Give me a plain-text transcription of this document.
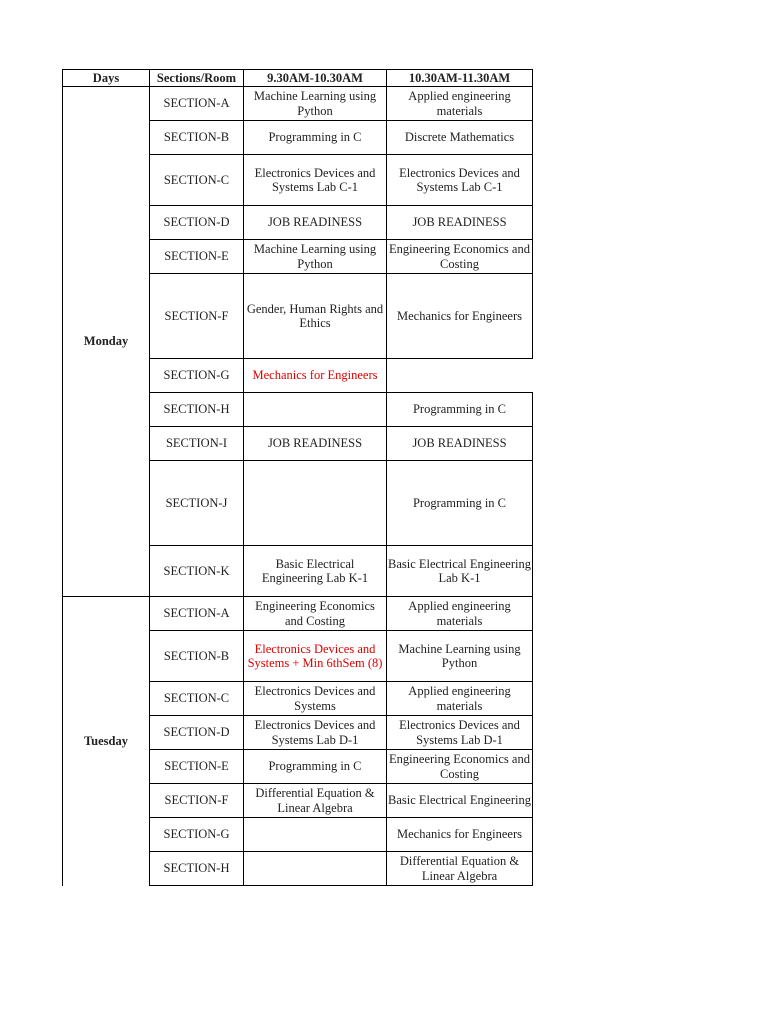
Days	Sections/Room	9.30AM-10.30AM	10.30AM-11.30AM
Monday	SECTION-A	Machine Learning using Python	Applied engineering materials
	SECTION-B	Programming in C	Discrete Mathematics
	SECTION-C	Electronics Devices and Systems Lab C-1	Electronics Devices and Systems Lab C-1
	SECTION-D	JOB READINESS	JOB READINESS
	SECTION-E	Machine Learning using Python	Engineering Economics and Costing
	SECTION-F	Gender, Human Rights and Ethics	Mechanics for Engineers
	SECTION-G	Mechanics for Engineers	
	SECTION-H		Programming in C
	SECTION-I	JOB READINESS	JOB READINESS
	SECTION-J		Programming in C
	SECTION-K	Basic Electrical Engineering Lab K-1	Basic Electrical Engineering Lab K-1
Tuesday	SECTION-A	Engineering Economics and Costing	Applied engineering materials
	SECTION-B	Electronics Devices and Systems + Min 6thSem (8)	Machine Learning using Python
	SECTION-C	Electronics Devices and Systems	Applied engineering materials
	SECTION-D	Electronics Devices and Systems Lab D-1	Electronics Devices and Systems Lab D-1
	SECTION-E	Programming in C	Engineering Economics and Costing
	SECTION-F	Differential Equation & Linear Algebra	Basic Electrical Engineering
	SECTION-G		Mechanics for Engineers
	SECTION-H		Differential Equation & Linear Algebra
